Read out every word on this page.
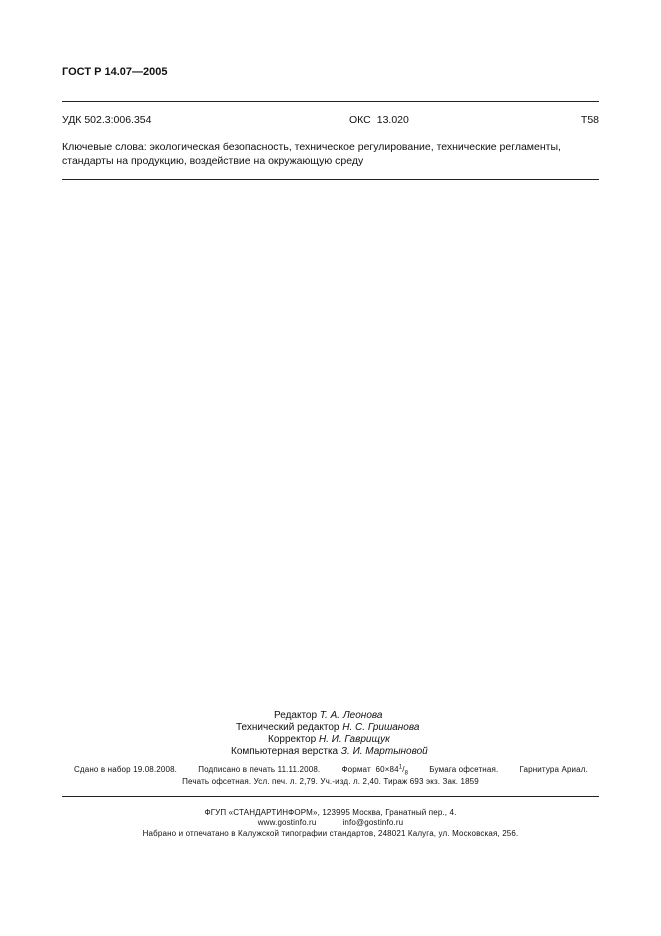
ГОСТ Р 14.07—2005
УДК 502.3:006.354	ОКС 13.020	Т58
Ключевые слова: экологическая безопасность, техническое регулирование, технические регламенты, стандарты на продукцию, воздействие на окружающую среду
Редактор Т. А. Леонова
Технический редактор Н. С. Гришанова
Корректор Н. И. Гаврищук
Компьютерная верстка З. И. Мартыновой
Сдано в набор 19.08.2008.	Подписано в печать 11.11.2008.	Формат $60\times 84^1/_8$	Бумага офсетная.	Гарнитура Ариал.
Печать офсетная. Усл. печ. л. 2,79. Уч.-изд. л. 2,40. Тираж 693 экз. Зак. 1859
ФГУП «СТАНДАРТИНФОРМ», 123995 Москва, Гранатный пер., 4.
www.gostinfo.ru	info@gostinfo.ru
Набрано и отпечатано в Калужской типографии стандартов, 248021 Калуга, ул. Московская, 256.
